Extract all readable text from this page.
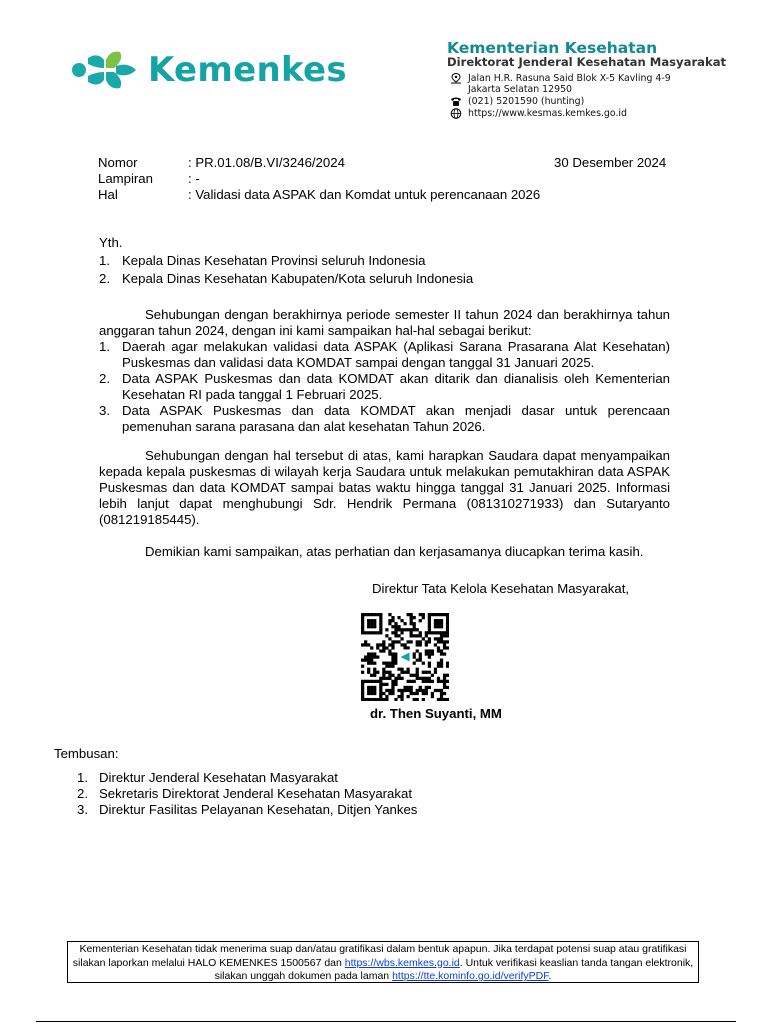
Kemenkes
Kementerian Kesehatan
Direktorat Jenderal Kesehatan Masyarakat
Jalan H.R. Rasuna Said Blok X-5 Kavling 4-9
Jakarta Selatan 12950
(021) 5201590 (hunting)
https://www.kesmas.kemkes.go.id
Nomor	: PR.01.08/B.VI/3246/2024	30 Desember 2024
Lampiran	: -
Hal	: Validasi data ASPAK dan Komdat untuk perencanaan 2026
Yth.
1. Kepala Dinas Kesehatan Provinsi seluruh Indonesia
2. Kepala Dinas Kesehatan Kabupaten/Kota seluruh Indonesia
Sehubungan dengan berakhirnya periode semester II tahun 2024 dan berakhirnya tahun anggaran tahun 2024, dengan ini kami sampaikan hal-hal sebagai berikut:
1. Daerah agar melakukan validasi data ASPAK (Aplikasi Sarana Prasarana Alat Kesehatan) Puskesmas dan validasi data KOMDAT sampai dengan tanggal 31 Januari 2025.
2. Data ASPAK Puskesmas dan data KOMDAT akan ditarik dan dianalisis oleh Kementerian Kesehatan RI pada tanggal 1 Februari 2025.
3. Data ASPAK Puskesmas dan data KOMDAT akan menjadi dasar untuk perencaan pemenuhan sarana parasana dan alat kesehatan Tahun 2026.
Sehubungan dengan hal tersebut di atas, kami harapkan Saudara dapat menyampaikan kepada kepala puskesmas di wilayah kerja Saudara untuk melakukan pemutakhiran data ASPAK Puskesmas dan data KOMDAT sampai batas waktu hingga tanggal 31 Januari 2025. Informasi lebih lanjut dapat menghubungi Sdr. Hendrik Permana (081310271933) dan Sutaryanto (081219185445).
Demikian kami sampaikan, atas perhatian dan kerjasamanya diucapkan terima kasih.
Direktur Tata Kelola Kesehatan Masyarakat,
dr. Then Suyanti, MM
Tembusan:
1. Direktur Jenderal Kesehatan Masyarakat
2. Sekretaris Direktorat Jenderal Kesehatan Masyarakat
3. Direktur Fasilitas Pelayanan Kesehatan, Ditjen Yankes
Kementerian Kesehatan tidak menerima suap dan/atau gratifikasi dalam bentuk apapun. Jika terdapat potensi suap atau gratifikasi silakan laporkan melalui HALO KEMENKES 1500567 dan https://wbs.kemkes.go.id. Untuk verifikasi keaslian tanda tangan elektronik, silakan unggah dokumen pada laman https://tte.kominfo.go.id/verifyPDF.
